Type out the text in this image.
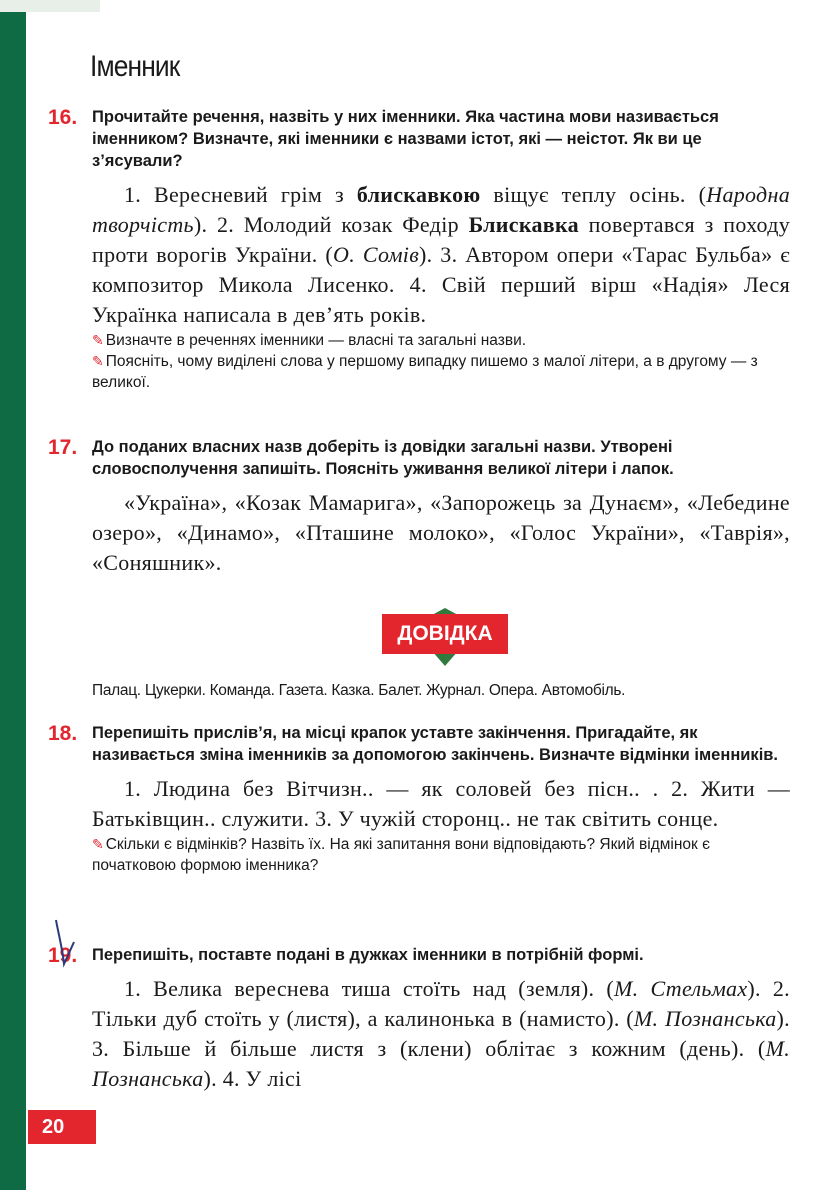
Іменник
16. Прочитайте речення, назвіть у них іменники. Яка частина мови називається іменником? Визначте, які іменники є назвами істот, які — неістот. Як ви це з’ясували?
1. Вересневий грім з блискавкою віщує теплу осінь. (Народна творчість). 2. Молодий козак Федір Блискавка повертався з походу проти ворогів України. (О. Сомів). 3. Автором опери «Тарас Бульба» є композитор Микола Лисенко. 4. Свій перший вірш «Надія» Леся Українка написала в дев’ять років.
✎ Визначте в реченнях іменники — власні та загальні назви.
✎ Поясніть, чому виділені слова у першому випадку пишемо з малої літери, а в другому — з великої.
17. До поданих власних назв доберіть із довідки загальні назви. Утворені словосполучення запишіть. Поясніть уживання великої літери і лапок.
«Україна», «Козак Мамарига», «Запорожець за Дунаєм», «Лебедине озеро», «Динамо», «Пташине молоко», «Голос України», «Таврія», «Соняшник».
ДОВІДКА
Палац. Цукерки. Команда. Газета. Казка. Балет. Журнал. Опера. Автомобіль.
18. Перепишіть прислів’я, на місці крапок уставте закінчення. Пригадайте, як називається зміна іменників за допомогою закінчень. Визначте відмінки іменників.
1. Людина без Вітчизн.. — як соловей без пісн.. . 2. Жити — Батьківщин.. служити. 3. У чужій сторонц.. не так світить сонце.
✎ Скільки є відмінків? Назвіть їх. На які запитання вони відповідають? Який відмінок є початковою формою іменника?
19. Перепишіть, поставте подані в дужках іменники в потрібній формі.
1. Велика вереснева тиша стоїть над (земля). (М. Стельмах). 2. Тільки дуб стоїть у (листя), а калинонька в (намисто). (М. Познанська). 3. Більше й більше листя з (клени) облітає з кожним (день). (М. Познанська). 4. У лісі
20
